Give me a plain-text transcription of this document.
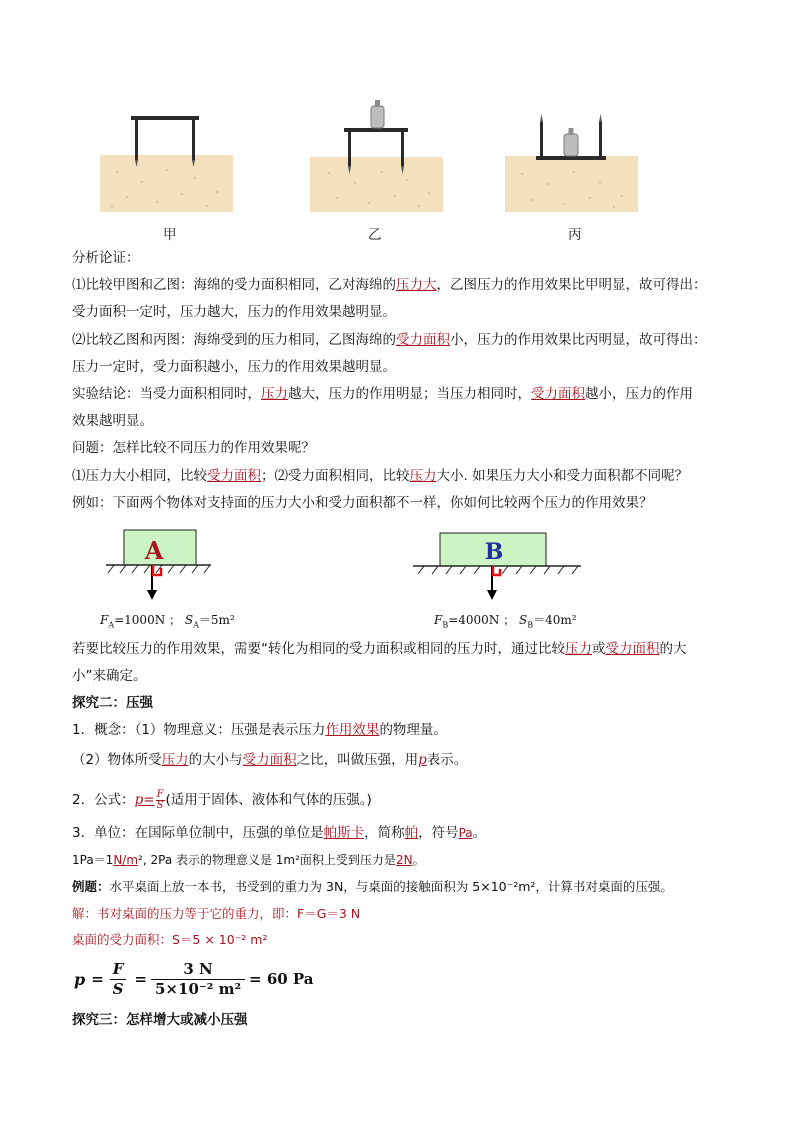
甲	乙	丙
分析论证：
⑴比较甲图和乙图：海绵的受力面积相同，乙对海绵的压力大，乙图压力的作用效果比甲明显，故可得出：
受力面积一定时，压力越大，压力的作用效果越明显。
⑵比较乙图和丙图：海绵受到的压力相同，乙图海绵的受力面积小，压力的作用效果比丙明显，故可得出：
压力一定时，受力面积越小，压力的作用效果越明显。
实验结论：当受力面积相同时，压力越大，压力的作用明显；当压力相同时，受力面积越小，压力的作用
效果越明显。
问题：怎样比较不同压力的作用效果呢？
⑴压力大小相同，比较受力面积；⑵受力面积相同，比较压力大小. 如果压力大小和受力面积都不同呢？
例如：下面两个物体对支持面的压力大小和受力面积都不一样，你如何比较两个压力的作用效果？
A
$F_A=1000N$ ； $S_A=5m^2$
B
$F_B=4000N$ ； $S_B=40m^2$
若要比较压力的作用效果，需要“转化为相同的受力面积或相同的压力时，通过比较压力或受力面积的大
小”来确定。
探究二：压强
1．概念：（1）物理意义：压强是表示压力作用效果的物理量。
（2）物体所受压力的大小与受力面积之比，叫做压强，用p表示。
2．公式：$p= \frac{F}{S}$ (适用于固体、液体和气体的压强。)
3．单位：在国际单位制中，压强的单位是帕斯卡，简称帕，符号Pa。
1Pa＝1N/m², 2Pa 表示的物理意义是 1m²面积上受到压力是2N。
例题：水平桌面上放一本书，书受到的重力为 3N，与桌面的接触面积为 5×10⁻²m²，计算书对桌面的压强。
解：书对桌面的压力等于它的重力，即：F＝G＝3 N
桌面的受力面积：S＝5 × 10⁻² m²
$p = \frac{F}{S} = \frac{3 N}{\text{5×10⁻² m²}} = 60$ Pa
探究三：怎样增大或减小压强
